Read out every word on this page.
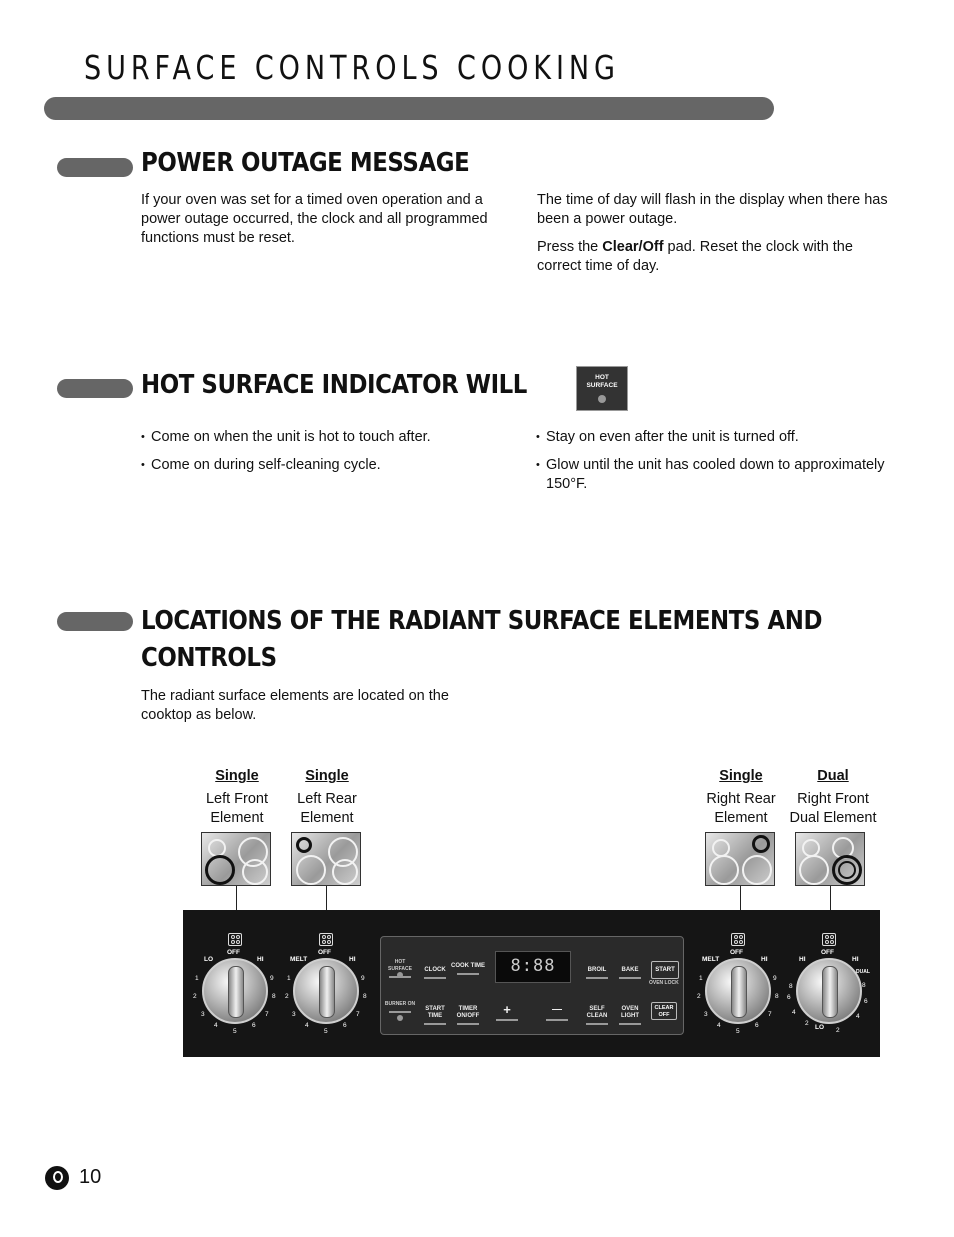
SURFACE CONTROLS COOKING
POWER OUTAGE MESSAGE
If your oven was set for a timed oven operation and a power outage occurred, the clock and all programmed functions must be reset.
The time of day will flash in the display when there has been a power outage.
Press the Clear/Off pad. Reset the clock with the correct time of day.
HOT SURFACE INDICATOR WILL	HOT
SURFACE
• Come on when the unit is hot to touch after.
• Come on during self-cleaning cycle.
• Stay on even after the unit is turned off.
• Glow until the unit has cooled down to approximately 150°F.
LOCATIONS OF THE RADIANT SURFACE ELEMENTS AND
CONTROLS
The radiant surface elements are located on the cooktop as below.
Single
Left Front
Element
Single
Left Rear
Element
Single
Right Rear
Element
Dual
Right Front
Dual Element
OFF
LO	HI
1
2
3
4
5
6
7
8
9
OFF
MELT	HI
1
2
3
4
5
6
7
8
9
OFF
MELT	HI
1
2
3
4
5
6
7
8
9
OFF
HI	HI
DUAL
LO
8
6
4
2
2
4
6
8
HOT SURFACE
BURNER ON
CLOCK
COOK TIME	8:88	BROIL	BAKE	START
OVEN LOCK
START TIME
TIMER ON/OFF	+	—	SELF CLEAN
OVEN LIGHT
CLEAR OFF
10
